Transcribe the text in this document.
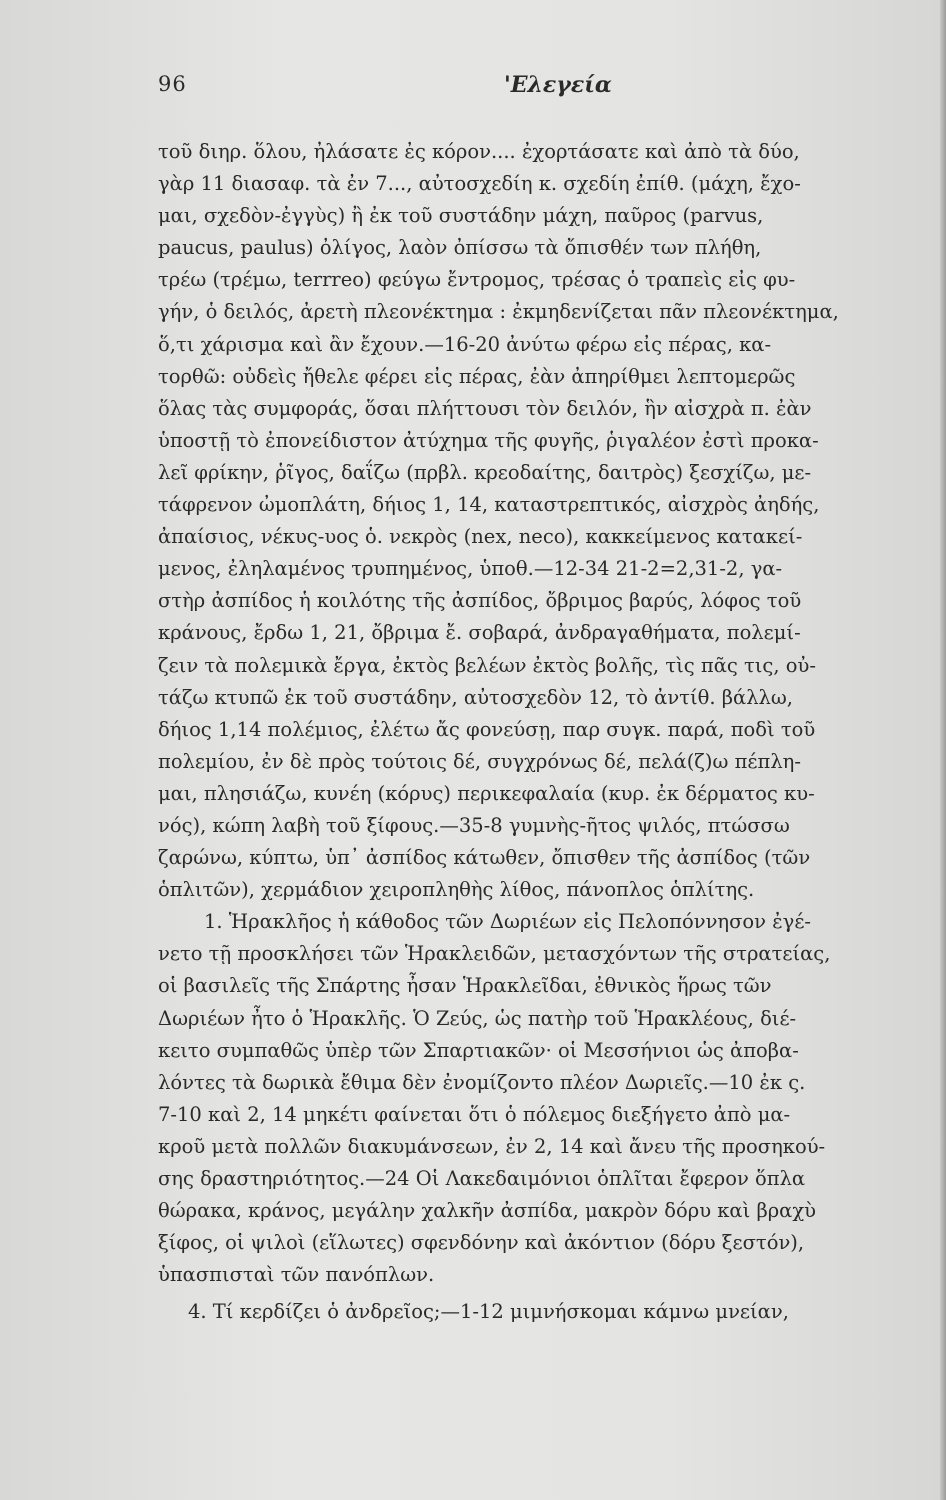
96	'Ελεγεία
τοῦ διηρ. ὅλου, ἠλάσατε ἐς κόρον.... ἐχορτάσατε καὶ ἀπὸ τὰ δύο,
γὰρ 11 διασαφ. τὰ ἐν 7..., αὐτοσχεδίη κ. σχεδίη ἐπίθ. (μάχη, ἔχο-
μαι, σχεδὸν-ἐγγὺς) ἢ ἐκ τοῦ συστάδην μάχη, παῦρος (parvus,
paucus, paulus) ὀλίγος, λαὸν ὀπίσσω τὰ ὄπισθέν των πλήθη,
τρέω (τρέμω, terrreo) φεύγω ἔντρομος, τρέσας ὁ τραπεὶς εἰς φυ-
γήν, ὁ δειλός, ἀρετὴ πλεονέκτημα : ἐκμηδενίζεται πᾶν πλεονέκτημα,
ὅ,τι χάρισμα καὶ ἂν ἔχουν.—16-20 ἀνύτω φέρω εἰς πέρας, κα-
τορθῶ: οὐδεὶς ἤθελε φέρει εἰς πέρας, ἐὰν ἀπηρίθμει λεπτομερῶς
ὅλας τὰς συμφοράς, ὅσαι πλήττουσι τὸν δειλόν, ἣν αἰσχρὰ π. ἐὰν
ὑποστῇ τὸ ἐπονείδιστον ἀτύχημα τῆς φυγῆς, ῥιγαλέον ἐστὶ προκα-
λεῖ φρίκην, ῥῖγος, δαΐζω (πρβλ. κρεοδαίτης, δαιτρὸς) ξεσχίζω, με-
τάφρενον ὠμοπλάτη, δήιος 1, 14, καταστρεπτικός, αἰσχρὸς ἀηδής,
ἀπαίσιος, νέκυς-υος ὁ. νεκρὸς (nex, neco), κακκείμενος κατακεί-
μενος, ἐληλαμένος τρυπημένος, ὑποθ.—12-34 21-2=2,31-2, γα-
στὴρ ἀσπίδος ἡ κοιλότης τῆς ἀσπίδος, ὄβριμος βαρύς, λόφος τοῦ
κράνους, ἔρδω 1, 21, ὄβριμα ἔ. σοβαρά, ἀνδραγαθήματα, πολεμί-
ζειν τὰ πολεμικὰ ἔργα, ἐκτὸς βελέων ἐκτὸς βολῆς, τὶς πᾶς τις, οὐ-
τάζω κτυπῶ ἐκ τοῦ συστάδην, αὐτοσχεδὸν 12, τὸ ἀντίθ. βάλλω,
δήιος 1,14 πολέμιος, ἐλέτω ἄς φονεύσῃ, παρ συγκ. παρά, ποδὶ τοῦ
πολεμίου, ἐν δὲ πρὸς τούτοις δέ, συγχρόνως δέ, πελά(ζ)ω πέπλη-
μαι, πλησιάζω, κυνέη (κόρυς) περικεφαλαία (κυρ. ἐκ δέρματος κυ-
νός), κώπη λαβὴ τοῦ ξίφους.—35-8 γυμνὴς-ῆτος ψιλός, πτώσσω
ζαρώνω, κύπτω, ὑπ᾿ ἀσπίδος κάτωθεν, ὄπισθεν τῆς ἀσπίδος (τῶν
ὁπλιτῶν), χερμάδιον χειροπληθὴς λίθος, πάνοπλος ὁπλίτης.
1. Ἡρακλῆος ἡ κάθοδος τῶν Δωριέων εἰς Πελοπόννησον ἐγέ-
νετο τῇ προσκλήσει τῶν Ἡρακλειδῶν, μετασχόντων τῆς στρατείας,
οἱ βασιλεῖς τῆς Σπάρτης ἦσαν Ἡρακλεῖδαι, ἐθνικὸς ἥρως τῶν
Δωριέων ἦτο ὁ Ἡρακλῆς. Ὁ Ζεύς, ὡς πατὴρ τοῦ Ἡρακλέους, διέ-
κειτο συμπαθῶς ὑπὲρ τῶν Σπαρτιακῶν· οἱ Μεσσήνιοι ὡς ἀποβα-
λόντες τὰ δωρικὰ ἔθιμα δὲν ἐνομίζοντο πλέον Δωριεῖς.—10 ἐκ ς.
7-10 καὶ 2, 14 μηκέτι φαίνεται ὅτι ὁ πόλεμος διεξήγετο ἀπὸ μα-
κροῦ μετὰ πολλῶν διακυμάνσεων, ἐν 2, 14 καὶ ἄνευ τῆς προσηκού-
σης δραστηριότητος.—24 Οἱ Λακεδαιμόνιοι ὁπλῖται ἔφερον ὅπλα
θώρακα, κράνος, μεγάλην χαλκῆν ἀσπίδα, μακρὸν δόρυ καὶ βραχὺ
ξίφος, οἱ ψιλοὶ (εἵλωτες) σφενδόνην καὶ ἀκόντιον (δόρυ ξεστόν),
ὑπασπισταὶ τῶν πανόπλων.
4. Τί κερδίζει ὁ ἀνδρεῖος;—1-12 μιμνήσκομαι κάμνω μνείαν,
